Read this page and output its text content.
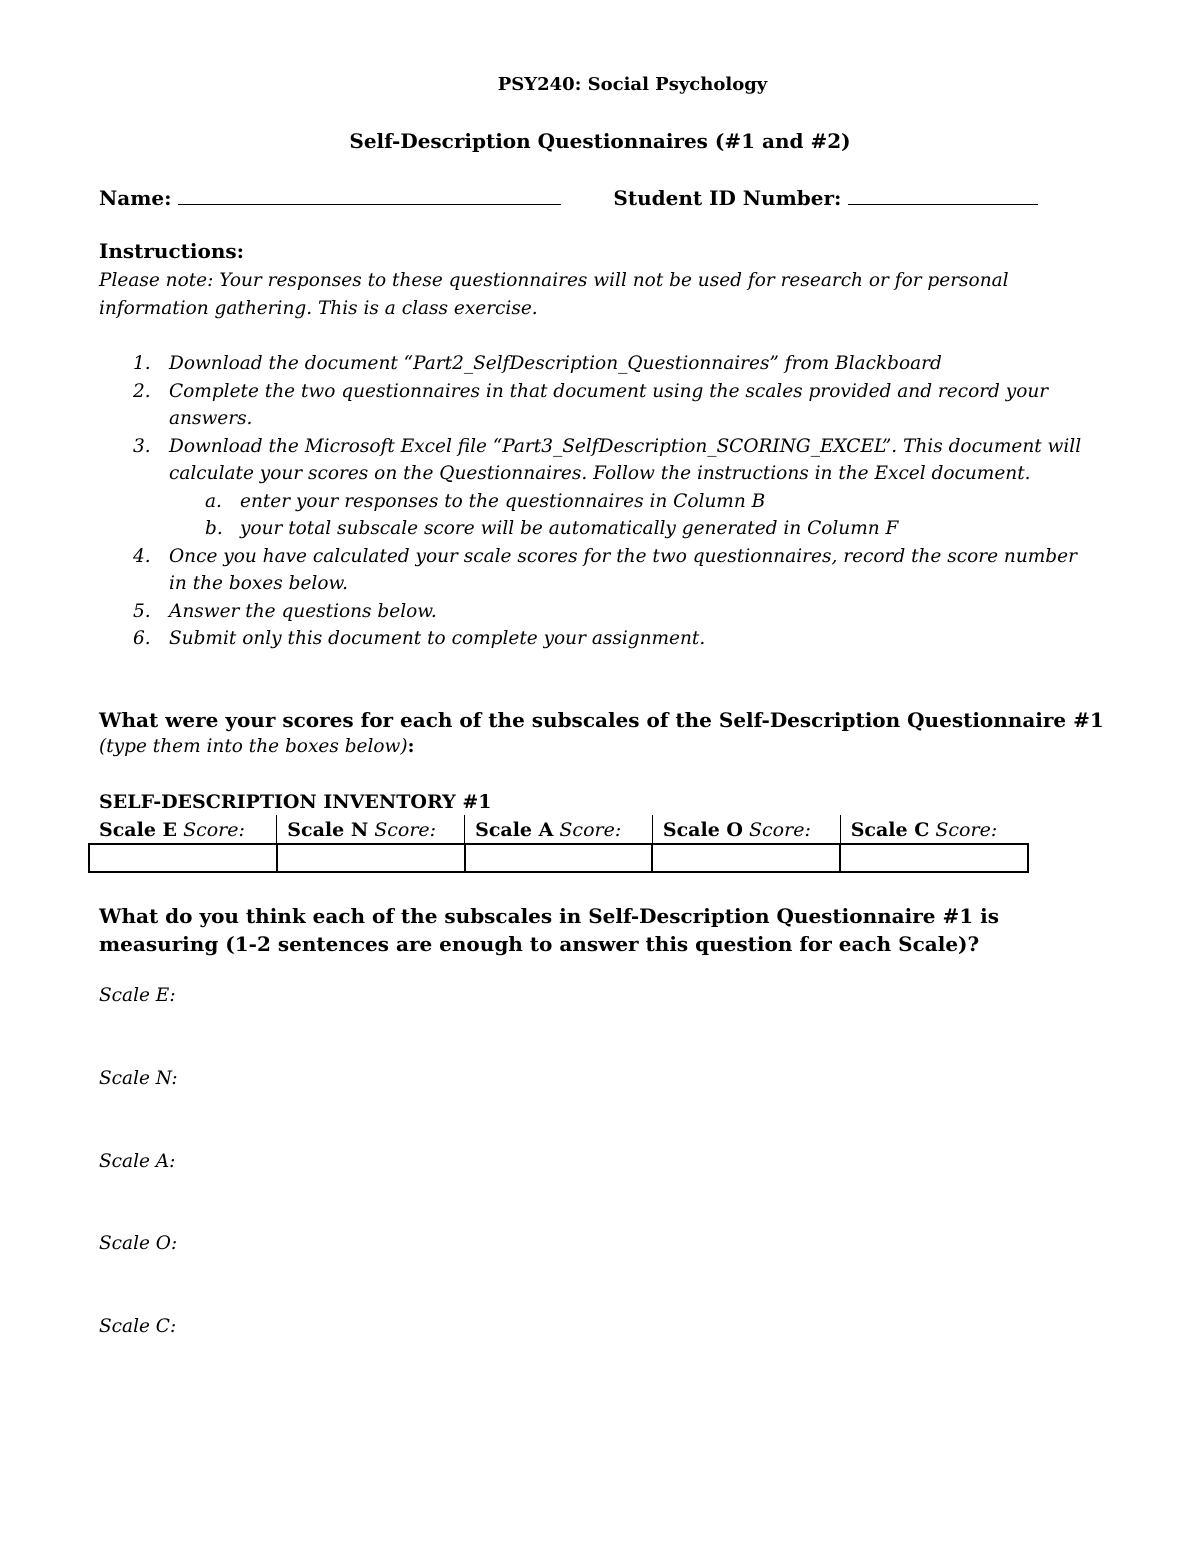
PSY240: Social Psychology
Self-Description Questionnaires (#1 and #2)
Name:	Student ID Number:
Instructions:
Please note: Your responses to these questionnaires will not be used for research or for personal information gathering. This is a class exercise.
1. Download the document “Part2_SelfDescription_Questionnaires” from Blackboard
2. Complete the two questionnaires in that document using the scales provided and record your answers.
3. Download the Microsoft Excel file “Part3_SelfDescription_SCORING_EXCEL”. This document will calculate your scores on the Questionnaires. Follow the instructions in the Excel document.
a. enter your responses to the questionnaires in Column B
b. your total subscale score will be automatically generated in Column F
4. Once you have calculated your scale scores for the two questionnaires, record the score number in the boxes below.
5. Answer the questions below.
6. Submit only this document to complete your assignment.
What were your scores for each of the subscales of the Self-Description Questionnaire #1
(type them into the boxes below):
SELF-DESCRIPTION INVENTORY #1
Scale E Score:	Scale N Score:	Scale A Score:	Scale O Score:	Scale C Score:

What do you think each of the subscales in Self-Description Questionnaire #1 is measuring (1-2 sentences are enough to answer this question for each Scale)?
Scale E:
Scale N:
Scale A:
Scale O:
Scale C:
